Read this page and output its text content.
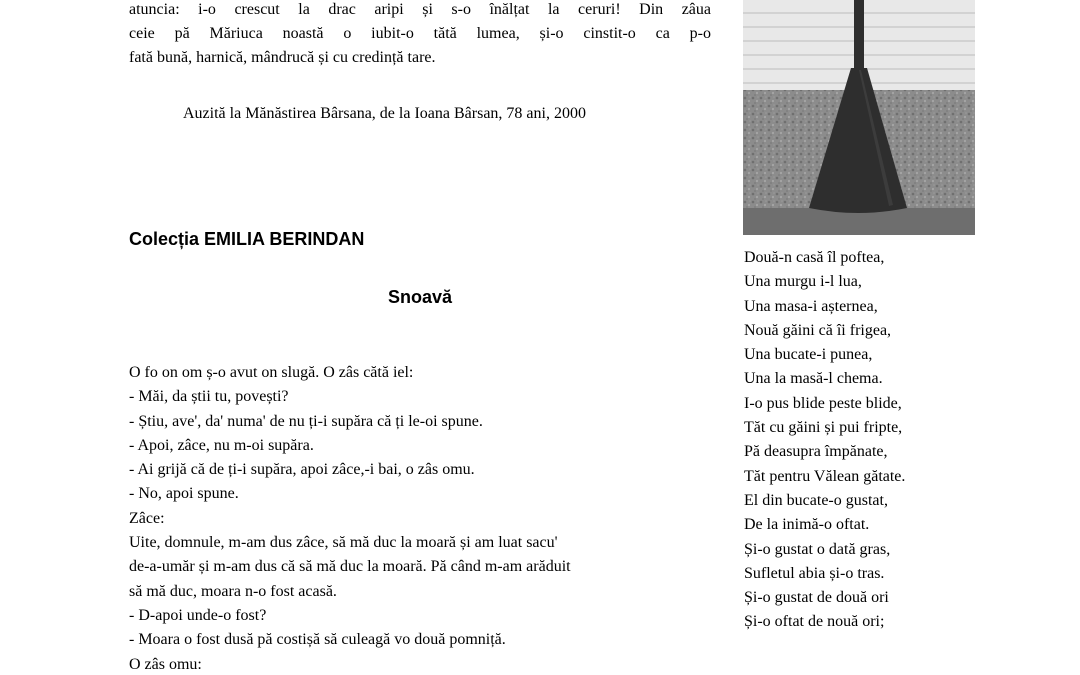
atuncia: i-o crescut la drac aripi și s-o înălțat la ceruri! Din zâua
ceie pă Măriuca noastă o iubit-o tătă lumea, și-o cinstit-o ca p-o
fată bună, harnică, mândrucă și cu credință tare.

Auzită la Mănăstirea Bârsana, de la Ioana Bârsan, 78 ani, 2000

Colecția EMILIA BERINDAN
Snoavă
O fo on om ș-o avut on slugă. O zâs cătă iel:
- Măi, da știi tu, povești?
- Știu, ave', da' numa' de nu ți-i supăra că ți le-oi spune.
- Apoi, zâce, nu m-oi supăra.
- Ai grijă că de ți-i supăra, apoi zâce,-i bai, o zâs omu.
- No, apoi spune.
Zâce:
Uite, domnule, m-am dus zâce, să mă duc la moară și am luat sacu'
de-a-umăr și m-am dus că să mă duc la moară. Pă când m-am arăduit
să mă duc, moara n-o fost acasă.
- D-apoi unde-o fost?
- Moara o fost dusă pă costișă să culeagă vo două pomniță.
O zâs omu:
Două-n casă îl poftea,
Una murgu i-l lua,
Una masa-i așternea,
Nouă găini că îi frigea,
Una bucate-i punea,
Una la masă-l chema.
I-o pus blide peste blide,
Tăt cu găini și pui fripte,
Pă deasupra împănate,
Tăt pentru Vălean gătate.
El din bucate-o gustat,
De la inimă-o oftat.
Și-o gustat o dată gras,
Sufletul abia și-o tras.
Și-o gustat de două ori
Și-o oftat de nouă ori;
